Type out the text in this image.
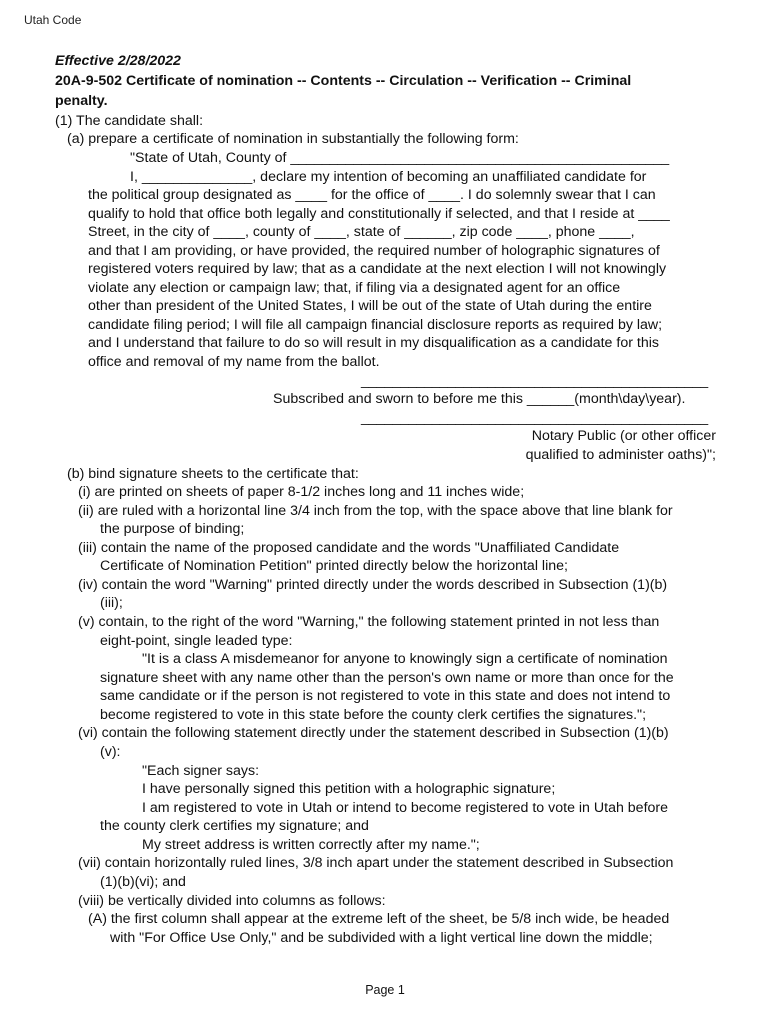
Utah Code
Effective 2/28/2022
20A-9-502 Certificate of nomination -- Contents -- Circulation -- Verification -- Criminal
penalty.
(1) The candidate shall:
(a) prepare a certificate of nomination in substantially the following form:
"State of Utah, County of ________________________________________________
I, ______________, declare my intention of becoming an unaffiliated candidate for
the political group designated as ____ for the office of ____. I do solemnly swear that I can
qualify to hold that office both legally and constitutionally if selected, and that I reside at ____
Street, in the city of ____, county of ____, state of ______, zip code ____, phone ____,
and that I am providing, or have provided, the required number of holographic signatures of
registered voters required by law; that as a candidate at the next election I will not knowingly
violate any election or campaign law; that, if filing via a designated agent for an office
other than president of the United States, I will be out of the state of Utah during the entire
candidate filing period; I will file all campaign financial disclosure reports as required by law;
and I understand that failure to do so will result in my disqualification as a candidate for this
office and removal of my name from the ballot.
____________________________________________
Subscribed and sworn to before me this ______(month\day\year).
____________________________________________
Notary Public (or other officer
qualified to administer oaths)";
(b) bind signature sheets to the certificate that:
(i) are printed on sheets of paper 8-1/2 inches long and 11 inches wide;
(ii) are ruled with a horizontal line 3/4 inch from the top, with the space above that line blank for
the purpose of binding;
(iii) contain the name of the proposed candidate and the words "Unaffiliated Candidate
Certificate of Nomination Petition" printed directly below the horizontal line;
(iv) contain the word "Warning" printed directly under the words described in Subsection (1)(b)
(iii);
(v) contain, to the right of the word "Warning," the following statement printed in not less than
eight-point, single leaded type:
"It is a class A misdemeanor for anyone to knowingly sign a certificate of nomination
signature sheet with any name other than the person's own name or more than once for the
same candidate or if the person is not registered to vote in this state and does not intend to
become registered to vote in this state before the county clerk certifies the signatures.";
(vi) contain the following statement directly under the statement described in Subsection (1)(b)
(v):
"Each signer says:
I have personally signed this petition with a holographic signature;
I am registered to vote in Utah or intend to become registered to vote in Utah before
the county clerk certifies my signature; and
My street address is written correctly after my name.";
(vii) contain horizontally ruled lines, 3/8 inch apart under the statement described in Subsection
(1)(b)(vi); and
(viii) be vertically divided into columns as follows:
(A) the first column shall appear at the extreme left of the sheet, be 5/8 inch wide, be headed
with "For Office Use Only," and be subdivided with a light vertical line down the middle;
Page 1
